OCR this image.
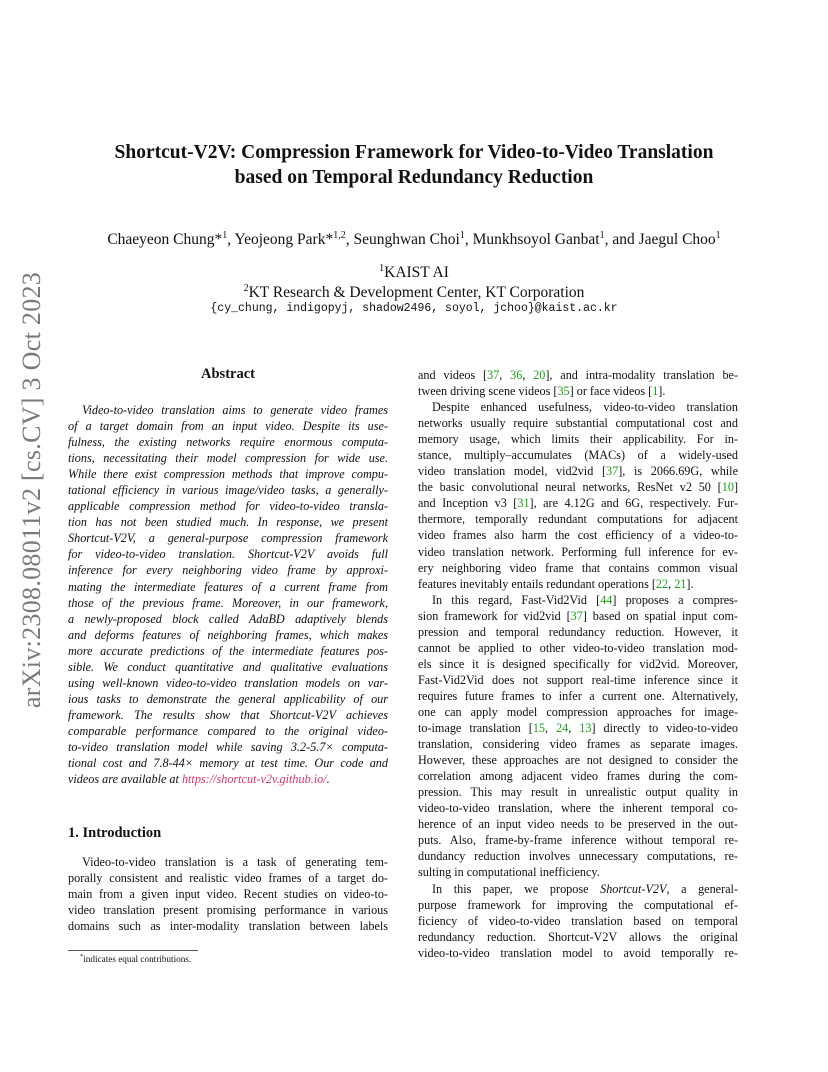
arXiv:2308.08011v2 [cs.CV] 3 Oct 2023
Shortcut-V2V: Compression Framework for Video-to-Video Translation
based on Temporal Redundancy Reduction
Chaeyeon Chung*$^1$, Yeojeong Park*$^{1,2}$, Seunghwan Choi$^1$, Munkhsoyol Ganbat$^1$, and Jaegul Choo$^1$
$^1$KAIST AI
$^2$KT Research & Development Center, KT Corporation
{cy_chung, indigopyj, shadow2496, soyol, jchoo}@kaist.ac.kr
Abstract
Video-to-video translation aims to generate video frames
of a target domain from an input video. Despite its use-
fulness, the existing networks require enormous computa-
tions, necessitating their model compression for wide use.
While there exist compression methods that improve compu-
tational efficiency in various image/video tasks, a generally-
applicable compression method for video-to-video transla-
tion has not been studied much. In response, we present
Shortcut-V2V, a general-purpose compression framework
for video-to-video translation. Shortcut-V2V avoids full
inference for every neighboring video frame by approxi-
mating the intermediate features of a current frame from
those of the previous frame. Moreover, in our framework,
a newly-proposed block called AdaBD adaptively blends
and deforms features of neighboring frames, which makes
more accurate predictions of the intermediate features pos-
sible. We conduct quantitative and qualitative evaluations
using well-known video-to-video translation models on var-
ious tasks to demonstrate the general applicability of our
framework. The results show that Shortcut-V2V achieves
comparable performance compared to the original video-
to-video translation model while saving 3.2-5.7× computa-
tional cost and 7.8-44× memory at test time. Our code and
videos are available at https://shortcut-v2v.github.io/.
1. Introduction
Video-to-video translation is a task of generating tem-
porally consistent and realistic video frames of a target do-
main from a given input video. Recent studies on video-to-
video translation present promising performance in various
domains such as inter-modality translation between labels
*indicates equal contributions.
and videos [37, 36, 20], and intra-modality translation be-
tween driving scene videos [35] or face videos [1].
Despite enhanced usefulness, video-to-video translation
networks usually require substantial computational cost and
memory usage, which limits their applicability. For in-
stance, multiply–accumulates (MACs) of a widely-used
video translation model, vid2vid [37], is 2066.69G, while
the basic convolutional neural networks, ResNet v2 50 [10]
and Inception v3 [31], are 4.12G and 6G, respectively. Fur-
thermore, temporally redundant computations for adjacent
video frames also harm the cost efficiency of a video-to-
video translation network. Performing full inference for ev-
ery neighboring video frame that contains common visual
features inevitably entails redundant operations [22, 21].
In this regard, Fast-Vid2Vid [44] proposes a compres-
sion framework for vid2vid [37] based on spatial input com-
pression and temporal redundancy reduction. However, it
cannot be applied to other video-to-video translation mod-
els since it is designed specifically for vid2vid. Moreover,
Fast-Vid2Vid does not support real-time inference since it
requires future frames to infer a current one. Alternatively,
one can apply model compression approaches for image-
to-image translation [15, 24, 13] directly to video-to-video
translation, considering video frames as separate images.
However, these approaches are not designed to consider the
correlation among adjacent video frames during the com-
pression. This may result in unrealistic output quality in
video-to-video translation, where the inherent temporal co-
herence of an input video needs to be preserved in the out-
puts. Also, frame-by-frame inference without temporal re-
dundancy reduction involves unnecessary computations, re-
sulting in computational inefficiency.
In this paper, we propose Shortcut-V2V, a general-
purpose framework for improving the computational ef-
ficiency of video-to-video translation based on temporal
redundancy reduction. Shortcut-V2V allows the original
video-to-video translation model to avoid temporally re-
